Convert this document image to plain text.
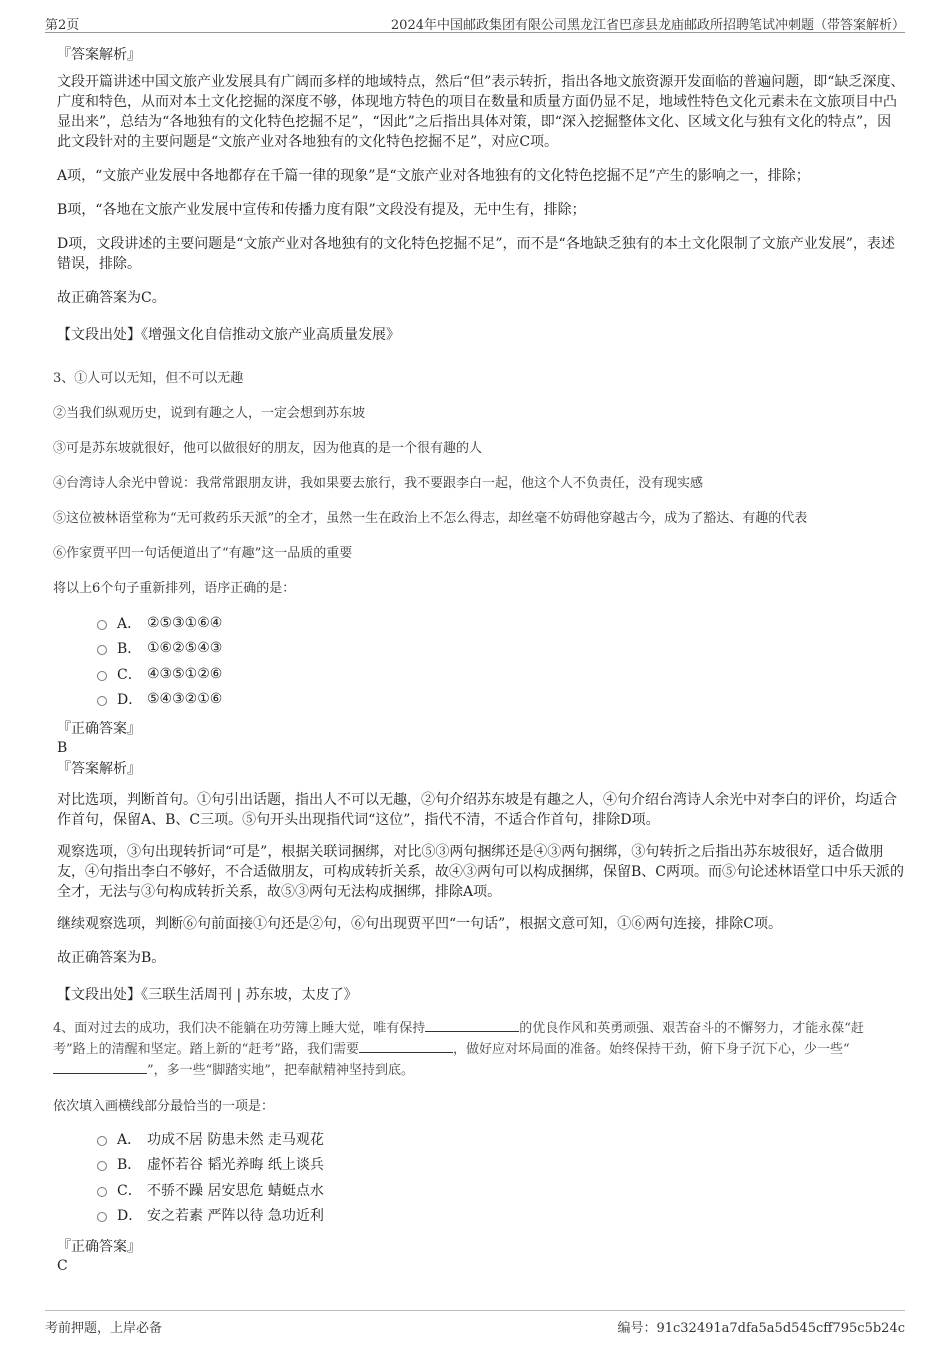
第2页	2024年中国邮政集团有限公司黑龙江省巴彦县龙庙邮政所招聘笔试冲刺题（带答案解析）
『答案解析』
文段开篇讲述中国文旅产业发展具有广阔而多样的地域特点，然后“但”表示转折，指出各地文旅资源开发面临的普遍问题，即“缺乏深度、广度和特色，从而对本土文化挖掘的深度不够，体现地方特色的项目在数量和质量方面仍显不足，地域性特色文化元素未在文旅项目中凸显出来”，总结为“各地独有的文化特色挖掘不足”，“因此”之后指出具体对策，即“深入挖掘整体文化、区域文化与独有文化的特点”，因此文段针对的主要问题是“文旅产业对各地独有的文化特色挖掘不足”，对应C项。
A项，“文旅产业发展中各地都存在千篇一律的现象”是“文旅产业对各地独有的文化特色挖掘不足”产生的影响之一，排除；
B项，“各地在文旅产业发展中宣传和传播力度有限”文段没有提及，无中生有，排除；
D项，文段讲述的主要问题是“文旅产业对各地独有的文化特色挖掘不足”，而不是“各地缺乏独有的本土文化限制了文旅产业发展”，表述错误，排除。
故正确答案为C。
【文段出处】《增强文化自信推动文旅产业高质量发展》
3、①人可以无知，但不可以无趣
②当我们纵观历史，说到有趣之人，一定会想到苏东坡
③可是苏东坡就很好，他可以做很好的朋友，因为他真的是一个很有趣的人
④台湾诗人余光中曾说：我常常跟朋友讲，我如果要去旅行，我不要跟李白一起，他这个人不负责任，没有现实感
⑤这位被林语堂称为“无可救药乐天派”的全才，虽然一生在政治上不怎么得志，却丝毫不妨碍他穿越古今，成为了豁达、有趣的代表
⑥作家贾平凹一句话便道出了“有趣”这一品质的重要
将以上6个句子重新排列，语序正确的是：
A． ②⑤③①⑥④
B． ①⑥②⑤④③
C． ④③⑤①②⑥
D． ⑤④③②①⑥
『正确答案』
B
『答案解析』
对比选项，判断首句。①句引出话题，指出人不可以无趣，②句介绍苏东坡是有趣之人，④句介绍台湾诗人余光中对李白的评价，均适合作首句，保留A、B、C三项。⑤句开头出现指代词“这位”，指代不清，不适合作首句，排除D项。
观察选项，③句出现转折词“可是”，根据关联词捆绑，对比⑤③两句捆绑还是④③两句捆绑，③句转折之后指出苏东坡很好，适合做朋友，④句指出李白不够好，不合适做朋友，可构成转折关系，故④③两句可以构成捆绑，保留B、C两项。而⑤句论述林语堂口中乐天派的全才，无法与③句构成转折关系，故⑤③两句无法构成捆绑，排除A项。
继续观察选项，判断⑥句前面接①句还是②句，⑥句出现贾平凹“一句话”，根据文意可知，①⑥两句连接，排除C项。
故正确答案为B。
【文段出处】《三联生活周刊 | 苏东坡，太皮了》
4、面对过去的成功，我们决不能躺在功劳簿上睡大觉，唯有保持	的优良作风和英勇顽强、艰苦奋斗的不懈努力，才能永葆“赶
考”路上的清醒和坚定。踏上新的“赶考”路，我们需要	，做好应对坏局面的准备。始终保持干劲，俯下身子沉下心，少一些“
”，多一些“脚踏实地”，把奉献精神坚持到底。
依次填入画横线部分最恰当的一项是：
A． 功成不居 防患未然 走马观花
B． 虚怀若谷 韬光养晦 纸上谈兵
C． 不骄不躁 居安思危 蜻蜓点水
D． 安之若素 严阵以待 急功近利
『正确答案』
C
考前押题，上岸必备	编号：91c32491a7dfa5a5d545cff795c5b24c
